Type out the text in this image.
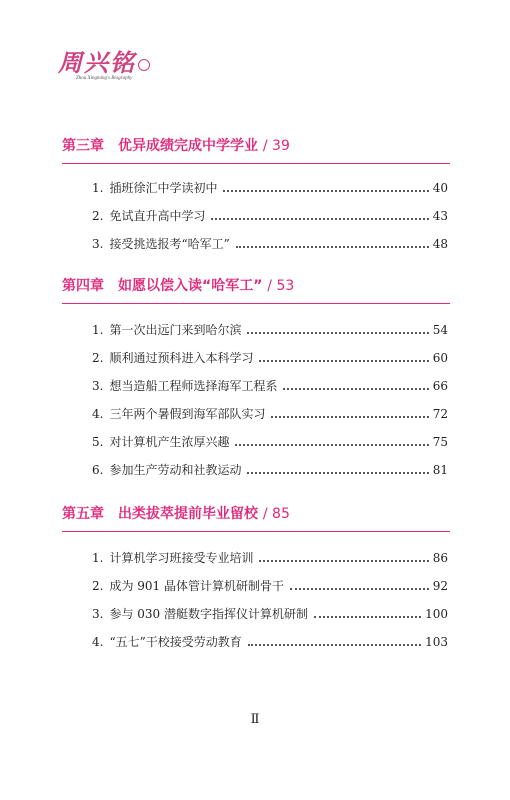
周兴铭
Zhou Xingming's Biography
第三章 优异成绩完成中学学业 / 39
1. 插班徐汇中学读初中	40
2. 免试直升高中学习	43
3. 接受挑选报考“哈军工”	48
第四章 如愿以偿入读“哈军工” / 53
1. 第一次出远门来到哈尔滨	54
2. 顺利通过预科进入本科学习	60
3. 想当造船工程师选择海军工程系	66
4. 三年两个暑假到海军部队实习	72
5. 对计算机产生浓厚兴趣	75
6. 参加生产劳动和社教运动	81
第五章 出类拔萃提前毕业留校 / 85
1. 计算机学习班接受专业培训	86
2. 成为 901 晶体管计算机研制骨干	92
3. 参与 030 潜艇数字指挥仪计算机研制	100
4. “五七”干校接受劳动教育	103
Ⅱ
